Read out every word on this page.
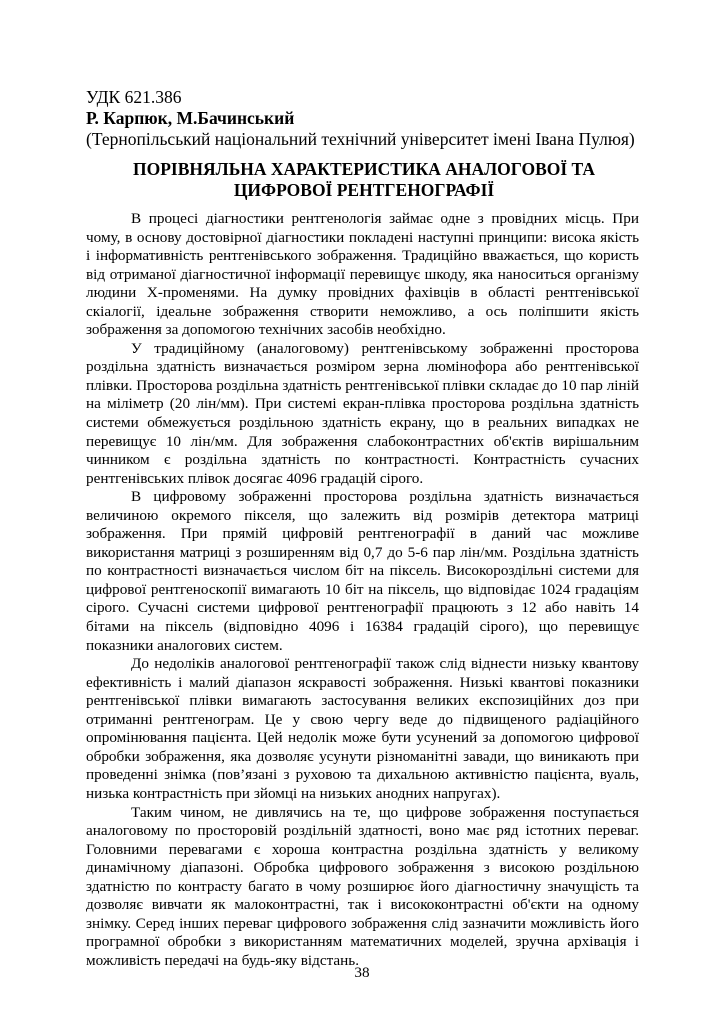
УДК 621.386
Р. Карпюк, М.Бачинський
(Тернопільський національний технічний університет імені Івана Пулюя)
ПОРІВНЯЛЬНА ХАРАКТЕРИСТИКА АНАЛОГОВОЇ ТА
ЦИФРОВОЇ РЕНТГЕНОГРАФІЇ

В процесі діагностики рентгенологія займає одне з провідних місць. При чому, в основу достовірної діагностики покладені наступні принципи: висока якість і інформативність рентгенівського зображення. Традиційно вважається, що користь від отриманої діагностичної інформації перевищує шкоду, яка наноситься організму людини Х-променями. На думку провідних фахівців в області рентгенівської скіалогії, ідеальне зображення створити неможливо, а ось поліпшити якість зображення за допомогою технічних засобів необхідно.

У традиційному (аналоговому) рентгенівському зображенні просторова роздільна здатність визначається розміром зерна люмінофора або рентгенівської плівки. Просторова роздільна здатність рентгенівської плівки складає до 10 пар ліній на міліметр (20 лін/мм). При системі екран-плівка просторова роздільна здатність системи обмежується роздільною здатність екрану, що в реальних випадках не перевищує 10 лін/мм. Для зображення слабоконтрастних об'єктів вирішальним чинником є роздільна здатність по контрастності. Контрастність сучасних рентгенівських плівок досягає 4096 градацій сірого.

В цифровому зображенні просторова роздільна здатність визначається величиною окремого пікселя, що залежить від розмірів детектора матриці зображення. При прямій цифровій рентгенографії в даний час можливе використання матриці з розширенням від 0,7 до 5-6 пар лін/мм. Роздільна здатність по контрастності визначається числом біт на піксель. Високороздільні системи для цифрової рентгеноскопії вимагають 10 біт на піксель, що відповідає 1024 градаціям сірого. Сучасні системи цифрової рентгенографії працюють з 12 або навіть 14 бітами на піксель (відповідно 4096 і 16384 градацій сірого), що перевищує показники аналогових систем.

До недоліків аналогової рентгенографії також слід віднести низьку квантову ефективність і малий діапазон яскравості зображення. Низькі квантові показники рентгенівської плівки вимагають застосування великих експозиційних доз при отриманні рентгенограм. Це у свою чергу веде до підвищеного радіаційного опромінювання пацієнта. Цей недолік може бути усунений за допомогою цифрової обробки зображення, яка дозволяє усунути різноманітні завади, що виникають при проведенні знімка (пов’язані з руховою та дихальною активністю пацієнта, вуаль, низька контрастність при зйомці на низьких анодних напругах).

Таким чином, не дивлячись на те, що цифрове зображення поступається аналоговому по просторовій роздільній здатності, воно має ряд істотних переваг. Головними перевагами є хороша контрастна роздільна здатність у великому динамічному діапазоні. Обробка цифрового зображення з високою роздільною здатністю по контрасту багато в чому розширює його діагностичну значущість та дозволяє вивчати як малоконтрастні, так і висококонтрастні об'єкти на одному знімку. Серед інших переваг цифрового зображення слід зазначити можливість його програмної обробки з використанням математичних моделей, зручна архівація і можливість передачі на будь-яку відстань.

38
